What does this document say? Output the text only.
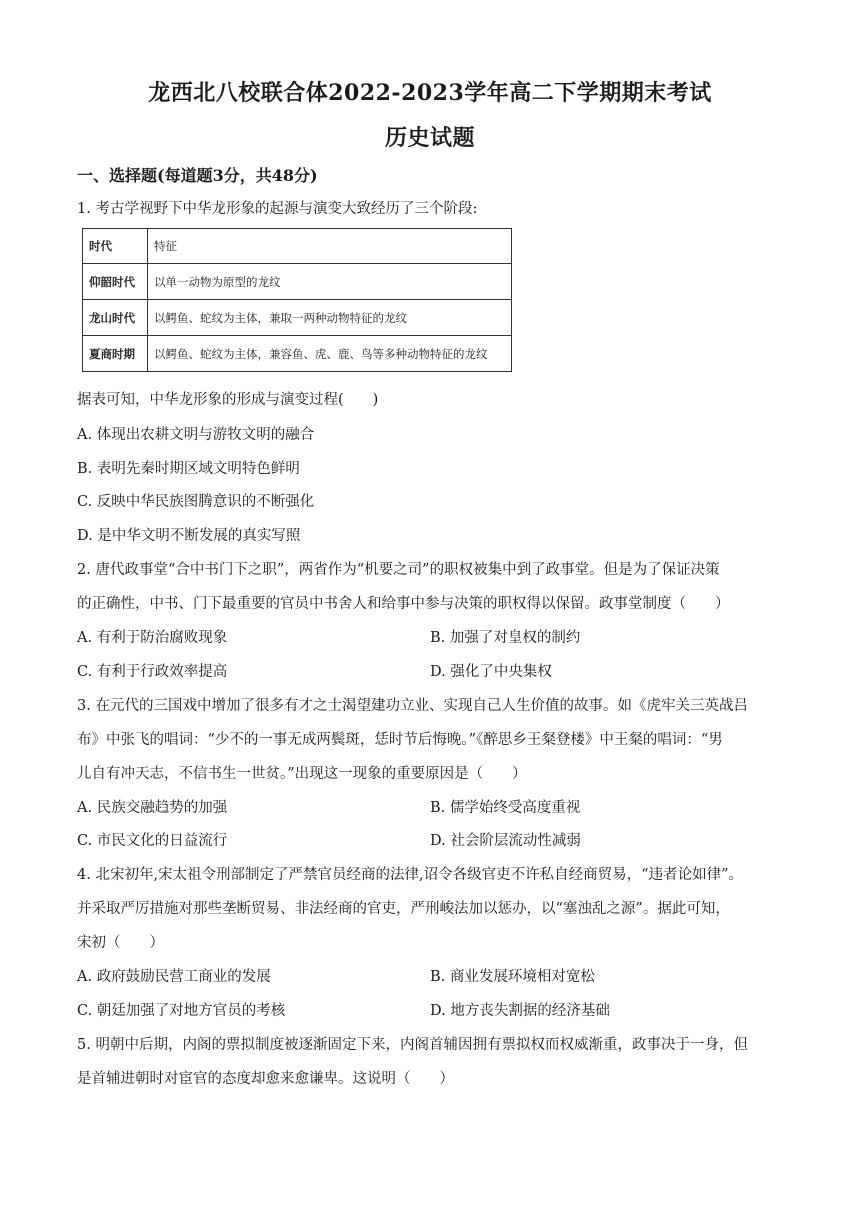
龙西北八校联合体2022-2023学年高二下学期期末考试
历史试题
一、选择题(每道题3分，共48分)
1. 考古学视野下中华龙形象的起源与演变大致经历了三个阶段:
时代	特征
仰韶时代	以单一动物为原型的龙纹
龙山时代	以鳄鱼、蛇纹为主体，兼取一两种动物特征的龙纹
夏商时期	以鳄鱼、蛇纹为主体，兼容鱼、虎、鹿、鸟等多种动物特征的龙纹
据表可知，中华龙形象的形成与演变过程(　　)
A. 体现出农耕文明与游牧文明的融合
B. 表明先秦时期区域文明特色鲜明
C. 反映中华民族图腾意识的不断强化
D. 是中华文明不断发展的真实写照
2. 唐代政事堂“合中书门下之职”，两省作为“机要之司”的职权被集中到了政事堂。但是为了保证决策
的正确性，中书、门下最重要的官员中书舍人和给事中参与决策的职权得以保留。政事堂制度（　　）
A. 有利于防治腐败现象	B. 加强了对皇权的制约
C. 有利于行政效率提高	D. 强化了中央集权
3. 在元代的三国戏中增加了很多有才之士渴望建功立业、实现自己人生价值的故事。如《虎牢关三英战吕
布》中张飞的唱词：“少不的一事无成两鬓斑，恁时节后悔晚。”《醉思乡王粲登楼》中王粲的唱词：“男
儿自有冲天志，不信书生一世贫。”出现这一现象的重要原因是（　　）
A. 民族交融趋势的加强	B. 儒学始终受高度重视
C. 市民文化的日益流行	D. 社会阶层流动性减弱
4. 北宋初年,宋太祖令刑部制定了严禁官员经商的法律,诏令各级官吏不许私自经商贸易，“违者论如律”。
并采取严厉措施对那些垄断贸易、非法经商的官吏，严刑峻法加以惩办，以“塞浊乱之源”。据此可知，
宋初（　　）
A. 政府鼓励民营工商业的发展	B. 商业发展环境相对宽松
C. 朝廷加强了对地方官员的考核	D. 地方丧失割据的经济基础
5. 明朝中后期，内阁的票拟制度被逐渐固定下来，内阁首辅因拥有票拟权而权威渐重，政事决于一身，但
是首辅进朝时对宦官的态度却愈来愈谦卑。这说明（　　）
